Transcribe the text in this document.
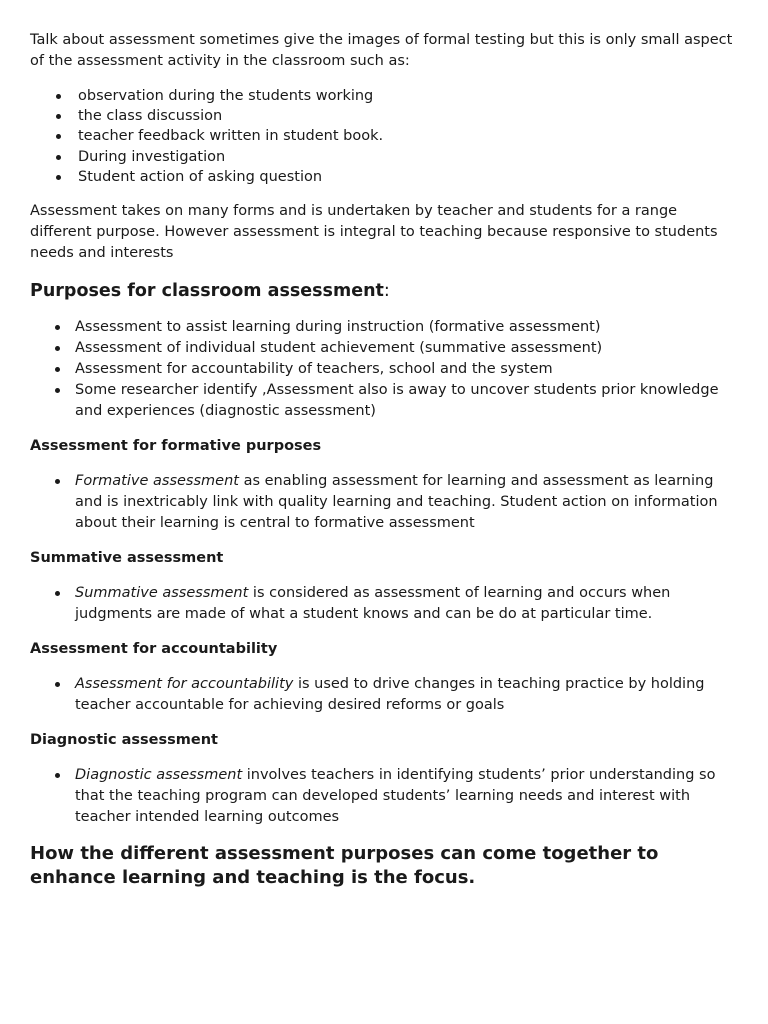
Talk about assessment sometimes give the images of formal testing but this is only small aspect of the assessment activity in the classroom such as:

observation during the students working
the class discussion
teacher feedback written in student book.
During investigation
Student action of asking question

Assessment takes on many forms and is undertaken by teacher and students for a range different purpose. However assessment is integral to teaching because responsive to students needs and interests

Purposes for classroom assessment:
Assessment to assist learning during instruction (formative assessment)
Assessment of individual student achievement (summative assessment)
Assessment for accountability of teachers, school and the system
Some researcher identify ,Assessment also is away to uncover students prior knowledge and experiences (diagnostic assessment)
Assessment for formative purposes
Formative assessment as enabling assessment for learning and assessment as learning and is inextricably link with quality learning and teaching. Student action on information about their learning is central to formative assessment
Summative assessment
Summative assessment is considered as assessment of learning and occurs when judgments are made of what a student knows and can be do at particular time.
Assessment for accountability
Assessment for accountability is used to drive changes in teaching practice by holding teacher accountable for achieving desired reforms or goals
Diagnostic assessment
Diagnostic assessment involves teachers in identifying students’ prior understanding so that the teaching program can developed students’ learning needs and interest with teacher intended learning outcomes
How the different assessment purposes can come together to enhance learning and teaching is the focus.
